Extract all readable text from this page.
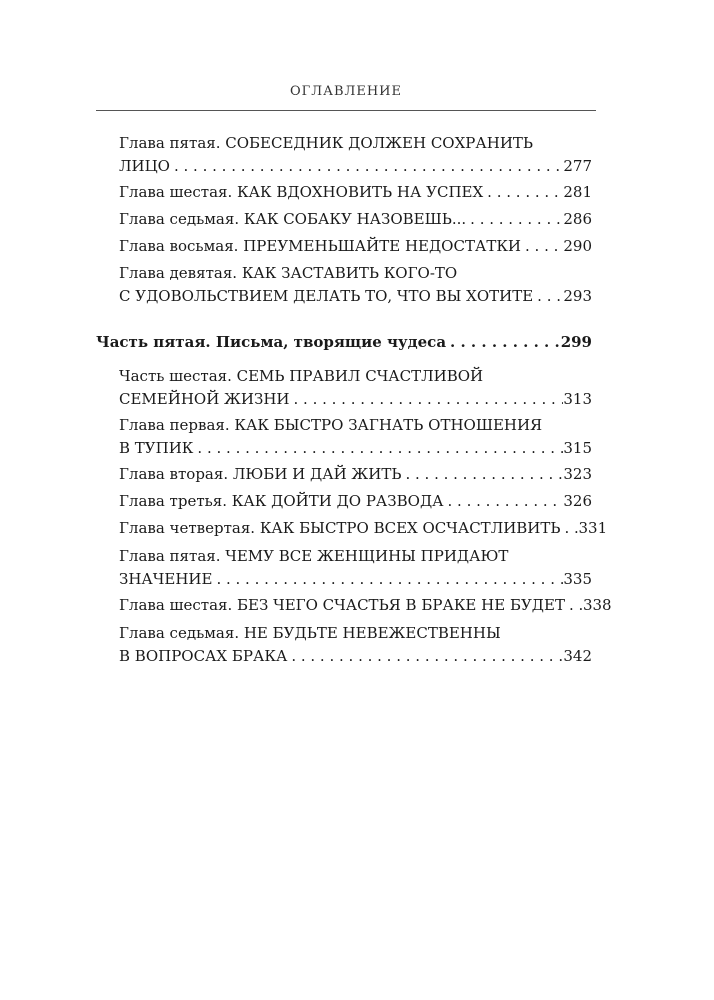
ОГЛАВЛЕНИЕ
Глава пятая. СОБЕСЕДНИК ДОЛЖЕН СОХРАНИТЬ
ЛИЦО . . .	277
Глава шестая. КАК ВДОХНОВИТЬ НА УСПЕХ . . .	281
Глава седьмая. КАК СОБАКУ НАЗОВЕШЬ... . . .	286
Глава восьмая. ПРЕУМЕНЬШАЙТЕ НЕДОСТАТКИ . . .	290
Глава девятая. КАК ЗАСТАВИТЬ КОГО-ТО
С УДОВОЛЬСТВИЕМ ДЕЛАТЬ ТО, ЧТО ВЫ ХОТИТЕ . . . 293
Часть пятая. Письма, творящие чудеса . . .	299
Часть шестая. СЕМЬ ПРАВИЛ СЧАСТЛИВОЙ
СЕМЕЙНОЙ ЖИЗНИ . . .	313
Глава первая. КАК БЫСТРО ЗАГНАТЬ ОТНОШЕНИЯ
В ТУПИК . . .	315
Глава вторая. ЛЮБИ И ДАЙ ЖИТЬ . . .	323
Глава третья. КАК ДОЙТИ ДО РАЗВОДА . . .	326
Глава четвертая. КАК БЫСТРО ВСЕХ ОСЧАСТЛИВИТЬ . . . 331
Глава пятая. ЧЕМУ ВСЕ ЖЕНЩИНЫ ПРИДАЮТ
ЗНАЧЕНИЕ . . .	335
Глава шестая. БЕЗ ЧЕГО СЧАСТЬЯ В БРАКЕ НЕ БУДЕТ . . . 338
Глава седьмая. НЕ БУДЬТЕ НЕВЕЖЕСТВЕННЫ
В ВОПРОСАХ БРАКА . . .	342
